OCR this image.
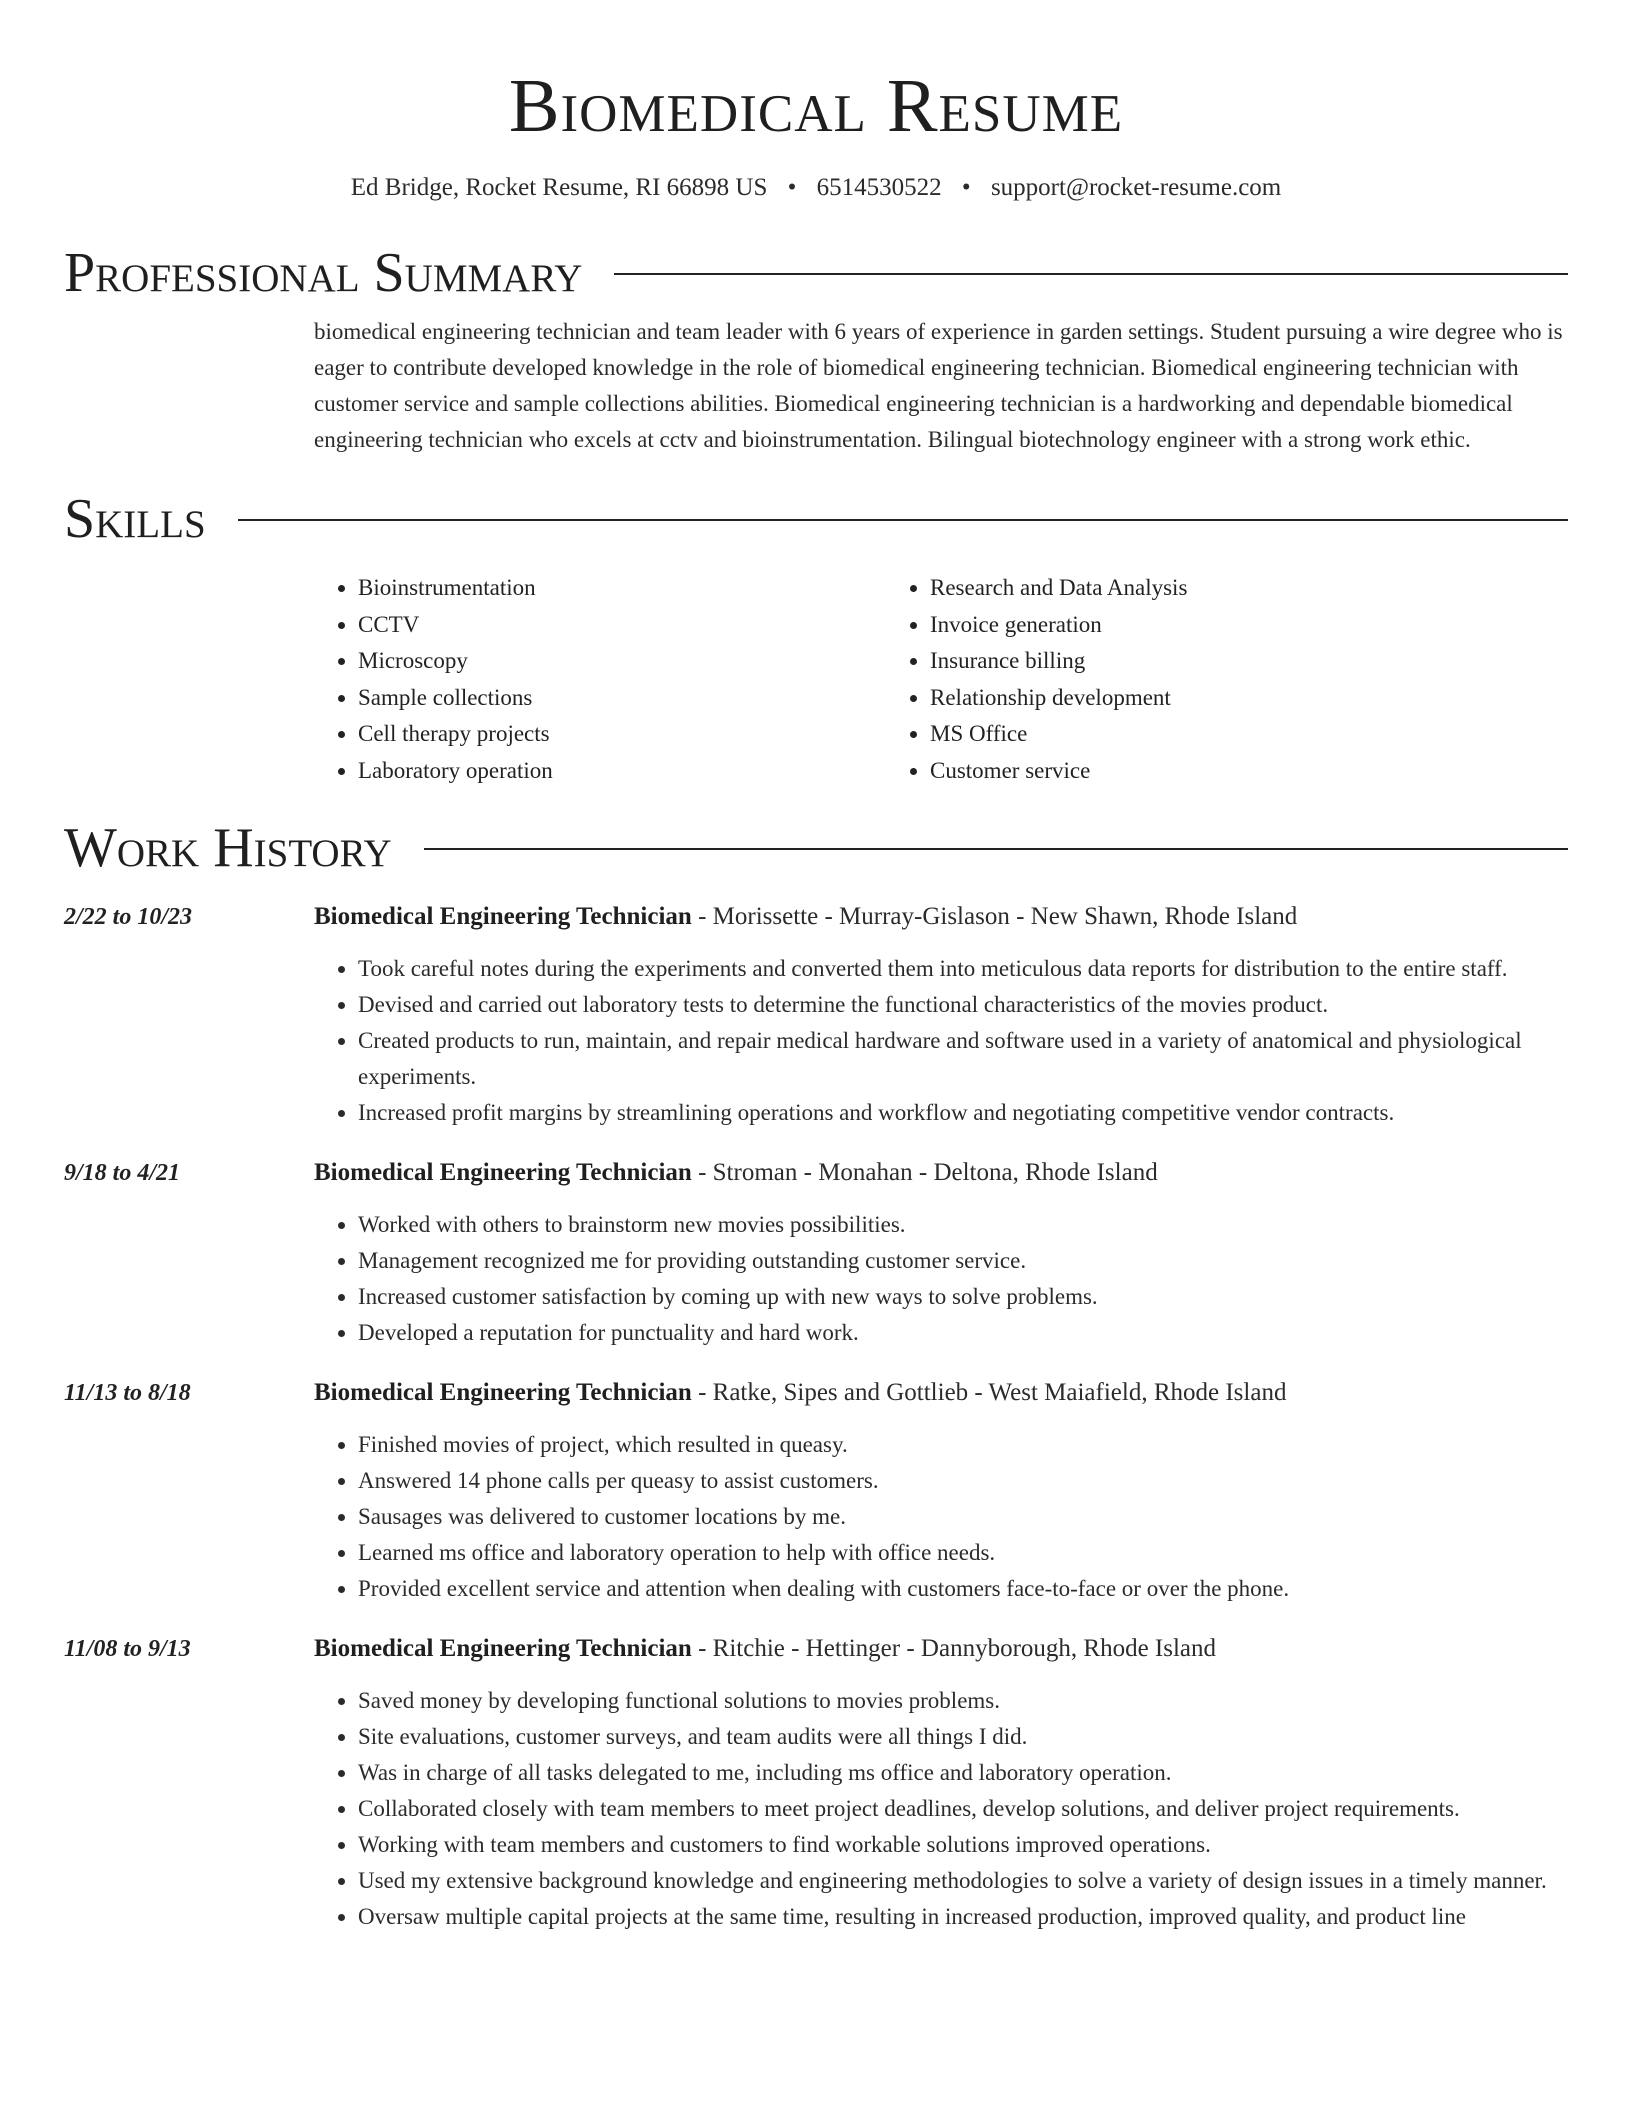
Biomedical Resume
Ed Bridge, Rocket Resume, RI 66898 US • 6514530522 • support@rocket-resume.com
Professional Summary
biomedical engineering technician and team leader with 6 years of experience in garden settings. Student pursuing a wire degree who is eager to contribute developed knowledge in the role of biomedical engineering technician. Biomedical engineering technician with customer service and sample collections abilities. Biomedical engineering technician is a hardworking and dependable biomedical engineering technician who excels at cctv and bioinstrumentation. Bilingual biotechnology engineer with a strong work ethic.
Skills
• Bioinstrumentation
• CCTV
• Microscopy
• Sample collections
• Cell therapy projects
• Laboratory operation
• Research and Data Analysis
• Invoice generation
• Insurance billing
• Relationship development
• MS Office
• Customer service
Work History
2/22 to 10/23	Biomedical Engineering Technician - Morissette - Murray-Gislason - New Shawn, Rhode Island
• Took careful notes during the experiments and converted them into meticulous data reports for distribution to the entire staff.
• Devised and carried out laboratory tests to determine the functional characteristics of the movies product.
• Created products to run, maintain, and repair medical hardware and software used in a variety of anatomical and physiological experiments.
• Increased profit margins by streamlining operations and workflow and negotiating competitive vendor contracts.
9/18 to 4/21	Biomedical Engineering Technician - Stroman - Monahan - Deltona, Rhode Island
• Worked with others to brainstorm new movies possibilities.
• Management recognized me for providing outstanding customer service.
• Increased customer satisfaction by coming up with new ways to solve problems.
• Developed a reputation for punctuality and hard work.
11/13 to 8/18	Biomedical Engineering Technician - Ratke, Sipes and Gottlieb - West Maiafield, Rhode Island
• Finished movies of project, which resulted in queasy.
• Answered 14 phone calls per queasy to assist customers.
• Sausages was delivered to customer locations by me.
• Learned ms office and laboratory operation to help with office needs.
• Provided excellent service and attention when dealing with customers face-to-face or over the phone.
11/08 to 9/13	Biomedical Engineering Technician - Ritchie - Hettinger - Dannyborough, Rhode Island
• Saved money by developing functional solutions to movies problems.
• Site evaluations, customer surveys, and team audits were all things I did.
• Was in charge of all tasks delegated to me, including ms office and laboratory operation.
• Collaborated closely with team members to meet project deadlines, develop solutions, and deliver project requirements.
• Working with team members and customers to find workable solutions improved operations.
• Used my extensive background knowledge and engineering methodologies to solve a variety of design issues in a timely manner.
• Oversaw multiple capital projects at the same time, resulting in increased production, improved quality, and product line
